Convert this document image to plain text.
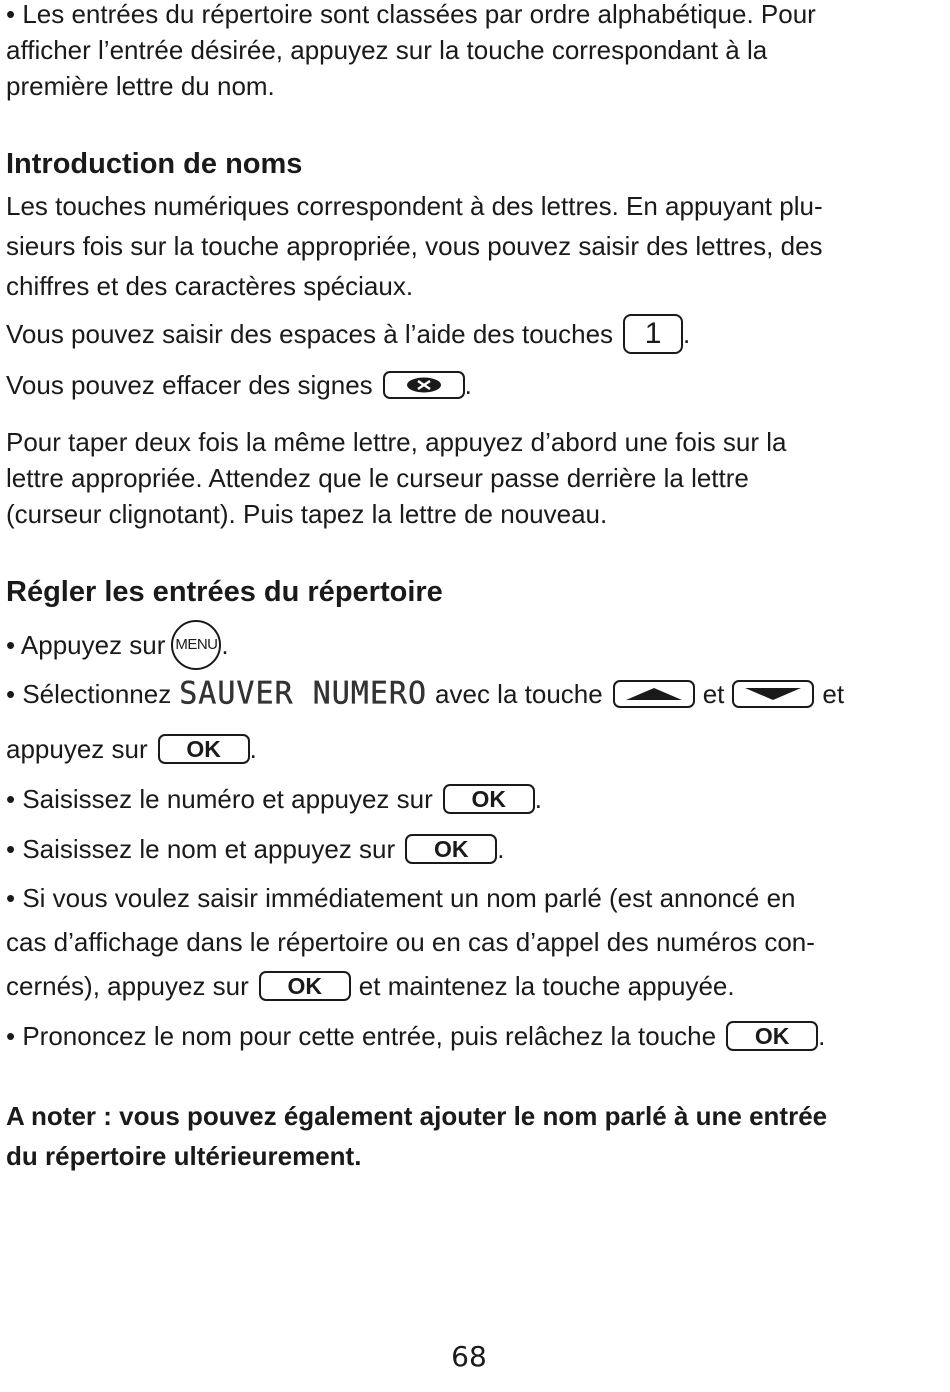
• Les entrées du répertoire sont classées par ordre alphabétique. Pour

afficher l’entrée désirée, appuyez sur la touche correspondant à la

première lettre du nom.

Introduction de noms

Les touches numériques correspondent à des lettres. En appuyant plu-

sieurs fois sur la touche appropriée, vous pouvez saisir des lettres, des

chiffres et des caractères spéciaux.

Vous pouvez saisir des espaces à l’aide des touches	1 .
Vous pouvez effacer des signes	.

Pour taper deux fois la même lettre, appuyez d’abord une fois sur la

lettre appropriée. Attendez que le curseur passe derrière la lettre

(curseur clignotant). Puis tapez la lettre de nouveau.

Régler les entrées du répertoire
• Appuyez sur MENU .
• Sélectionnez SAUVER NUMERO avec la touche	et	et
appuyez sur	OK	.
• Saisissez le numéro et appuyez sur	OK	.
• Saisissez le nom et appuyez sur	OK	.

• Si vous voulez saisir immédiatement un nom parlé (est annoncé en

cas d’affichage dans le répertoire ou en cas d’appel des numéros con-

cernés), appuyez sur	OK	et maintenez la touche appuyée.
• Prononcez le nom pour cette entrée, puis relâchez la touche	OK	.

A noter : vous pouvez également ajouter le nom parlé à une entrée

du répertoire ultérieurement.

68
